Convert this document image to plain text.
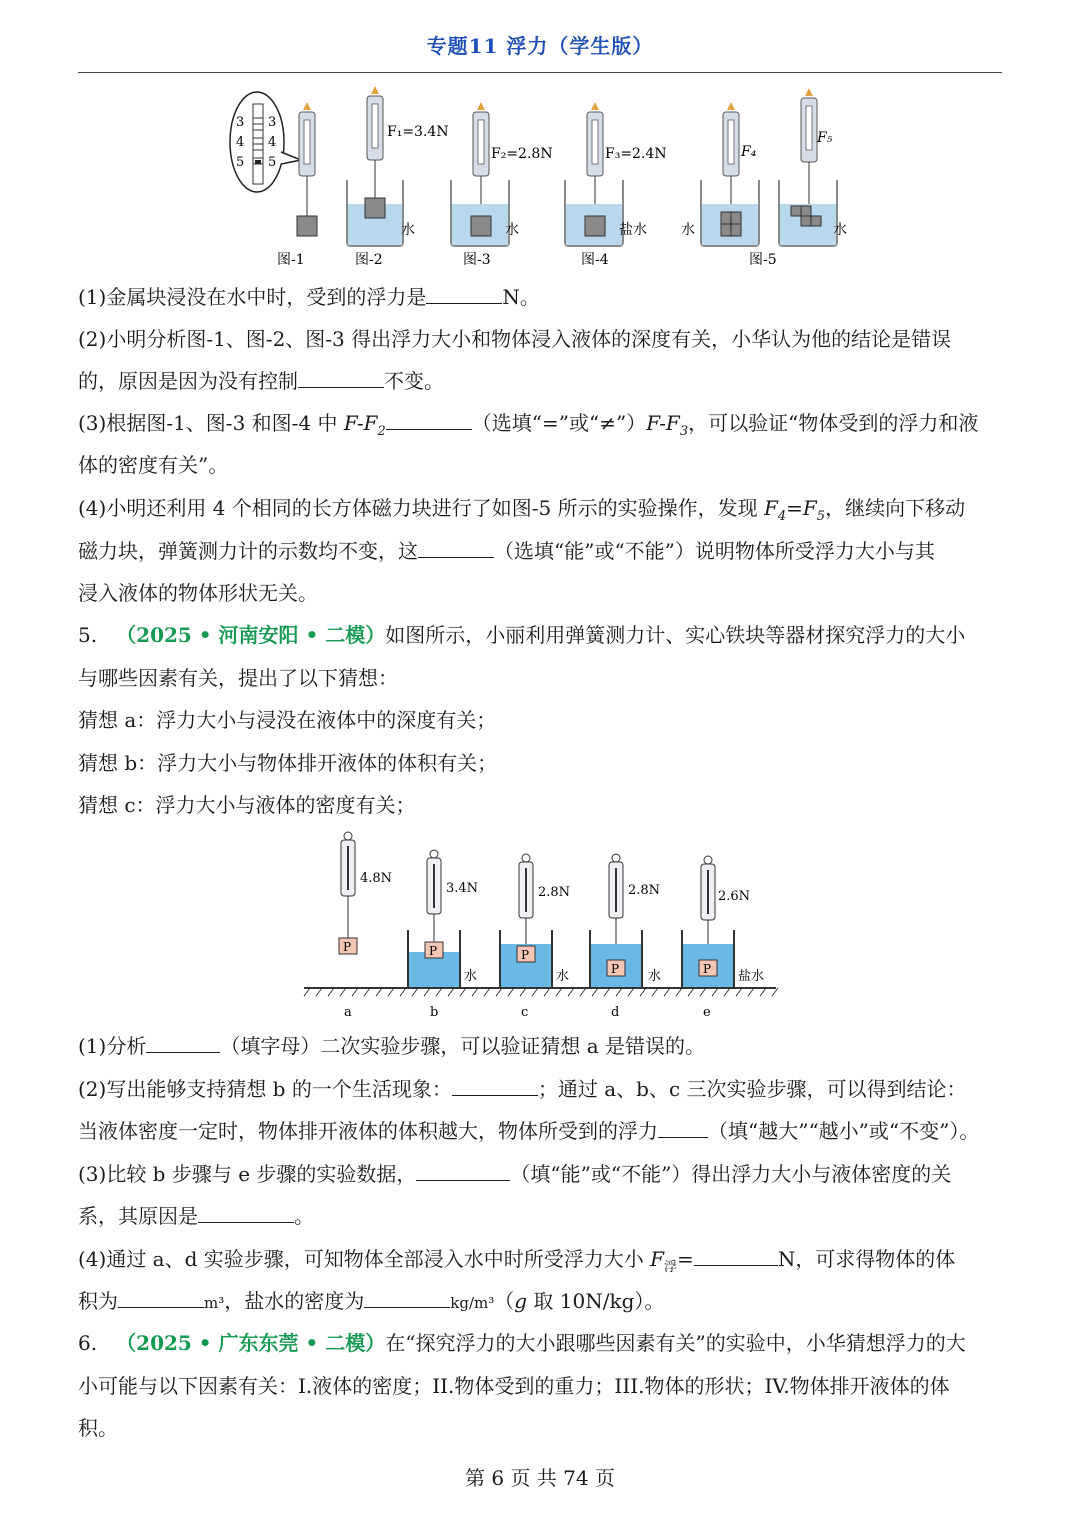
专题11 浮力（学生版）
3 3
4 4
5 5
F₁=3.4N
水
F₂=2.8N
水
F₃=2.4N
盐水
F₄
水
F₅
水
图-1	图-2	图-3	图-4	图-5
(1)金属块浸没在水中时，受到的浮力是	N。
(2)小明分析图-1、图-2、图-3 得出浮力大小和物体浸入液体的深度有关，小华认为他的结论是错误
的，原因是因为没有控制	不变。
(3)根据图-1、图-3 和图-4 中 $F-F_2$	（选填“=”或“$\ne”)F-F_3$，可以验证“物体受到的浮力和液
体的密度有关”。
(4)小明还利用 4 个相同的长方体磁力块进行了如图-5 所示的实验操作，发现 $F_4=F_5$，继续向下移动
磁力块，弹簧测力计的示数均不变，这	（选填“能”或“不能”）说明物体所受浮力大小与其
浸入液体的物体形状无关。
5. （2025 • 河南安阳 • 二模）如图所示，小丽利用弹簧测力计、实心铁块等器材探究浮力的大小
与哪些因素有关，提出了以下猜想：
猜想 a：浮力大小与浸没在液体中的深度有关；
猜想 b：浮力大小与物体排开液体的体积有关；
猜想 c：浮力大小与液体的密度有关；
4.8N
P
3.4N
P
水
2.8N
P
水
2.8N
P 水
2.6N
P 盐水
a	b	c	d	e
(1)分析	（填字母）二次实验步骤，可以验证猜想 a 是错误的。
(2)写出能够支持猜想 b 的一个生活现象：	；通过 a、b、c 三次实验步骤，可以得到结论：
当液体密度一定时，物体排开液体的体积越大，物体所受到的浮力	（填“越大”“越小”或“不变”）。
(3)比较 b 步骤与 e 步骤的实验数据，	（填“能”或“不能”）得出浮力大小与液体密度的关
系，其原因是	。
(4)通过 a、d 实验步骤，可知物体全部浸入水中时所受浮力大小 $F_浮=$	N，可求得物体的体
积为	m³，盐水的密度为	kg/m³（g 取 10N/kg）。
6. （2025 • 广东东莞 • 二模）在“探究浮力的大小跟哪些因素有关”的实验中，小华猜想浮力的大
小可能与以下因素有关：I.液体的密度；II.物体受到的重力；III.物体的形状；IV.物体排开液体的体
积。
第 6 页 共 74 页
